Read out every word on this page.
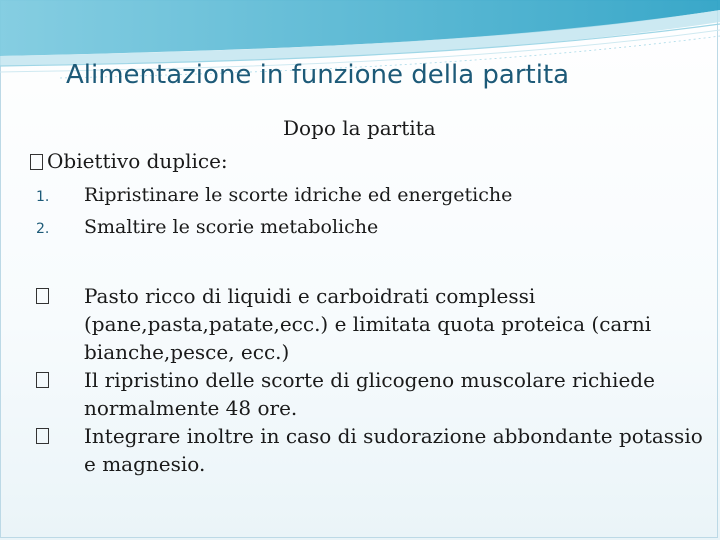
Alimentazione in funzione della partita
Dopo la partita
Obiettivo duplice:
1.	Ripristinare le scorte idriche ed energetiche
2.	Smaltire le scorie metaboliche
Pasto ricco di liquidi e carboidrati complessi (pane,pasta,patate,ecc.) e limitata quota proteica (carni bianche,pesce, ecc.)
Il ripristino delle scorte di glicogeno muscolare richiede normalmente 48 ore.
Integrare inoltre in caso di sudorazione abbondante potassio e magnesio.
